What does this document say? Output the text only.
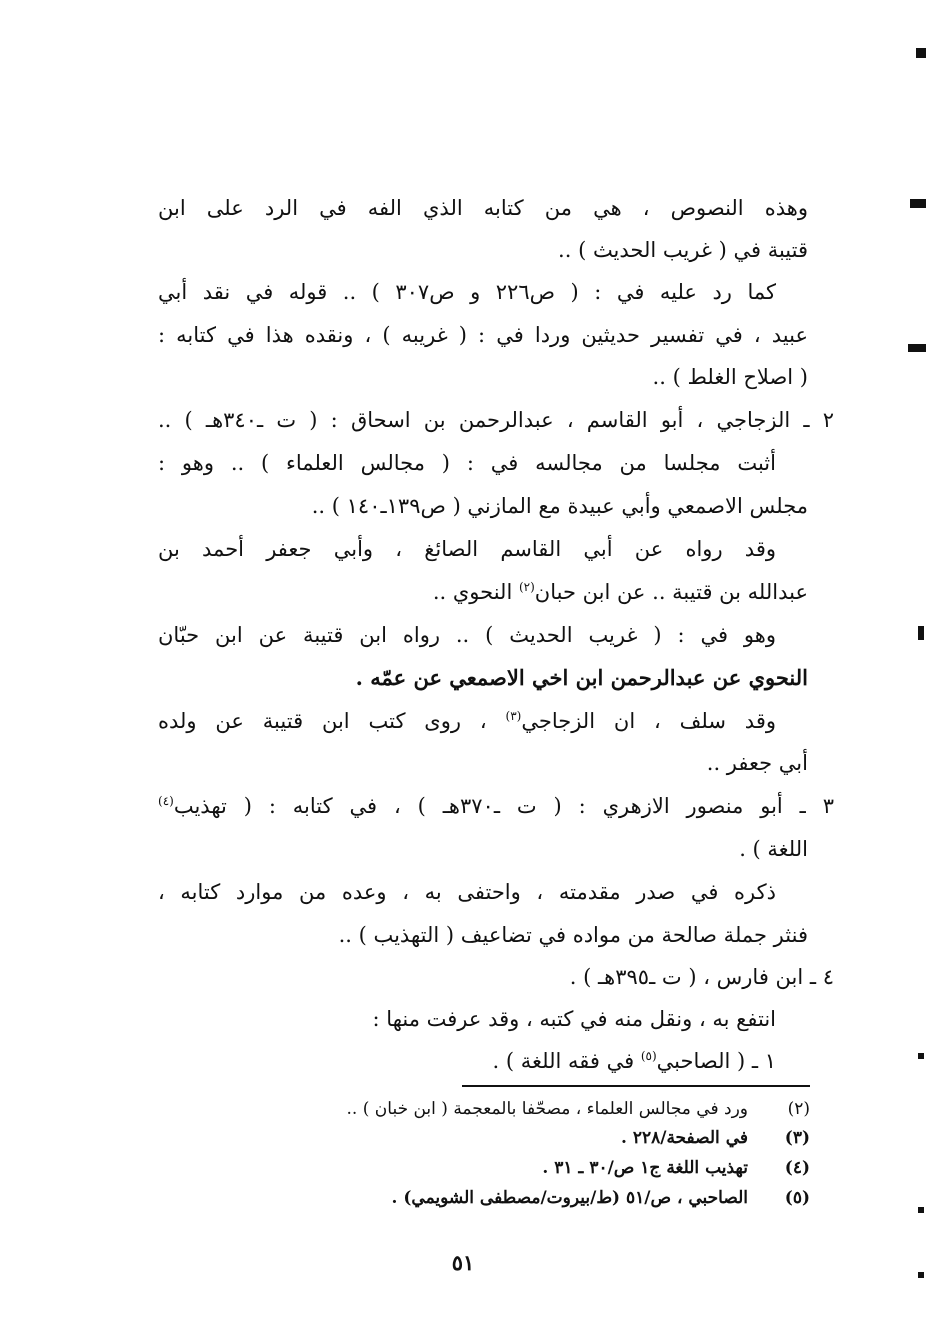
وهذه النصوص ، هي من كتابه الذي الفه في الرد على ابن
قتيبة في ( غريب الحديث ) ..
كما رد عليه في : ( ص٢٢٦ و ص٣٠٧ ) .. قوله في نقد أبي
عبيد ، في تفسير حديثين وردا في : ( غريبه ) ، ونقده هذا في كتابه :
( اصلاح الغلط ) ..
٢ ـ الزجاجي ، أبو القاسم ، عبدالرحمن بن اسحاق : ( ت ـ٣٤٠هـ ) ..
أثبت مجلسا من مجالسه في : ( مجالس العلماء ) .. وهو :
مجلس الاصمعي وأبي عبيدة مع المازني ( ص١٣٩ـ١٤٠ ) ..
وقد رواه عن أبي القاسم الصائغ ، وأبي جعفر أحمد بن
عبدالله بن قتيبة .. عن ابن حبان$^{(٢)}$ النحوي ..
وهو في : ( غريب الحديث ) .. رواه ابن قتيبة عن ابن حبّان
النحوي عن عبدالرحمن ابن اخي الاصمعي عن عمّه .
وقد سلف ، ان الزجاجي$^{(٣)}$ ، روى كتب ابن قتيبة عن ولده
أبي جعفر ..
٣ ـ أبو منصور الازهري : ( ت ـ٣٧٠هـ ) ، في كتابه : ( تهذيب$^{(٤)}$
اللغة ) .
ذكره في صدر مقدمته ، واحتفى به ، وعده من موارد كتابه ،
فنثر جملة صالحة من مواده في تضاعيف ( التهذيب ) ..
٤ ـ ابن فارس ، ( ت ـ٣٩٥هـ ) .
انتفع به ، ونقل منه في كتبه ، وقد عرفت منها :
١ ـ ( الصاحبي$^{(٥)}$ في فقه اللغة ) .
(٢)ورد في مجالس العلماء ، مصحّفا بالمعجمة ( ابن خبان ) ..
(٣)في الصفحة/٢٢٨ .
(٤)تهذيب اللغة ج١ ص/٣٠ ـ ٣١ .
(٥)الصاحبي ، ص/٥١ (ط/بيروت/مصطفى الشويمي) .
٥١
